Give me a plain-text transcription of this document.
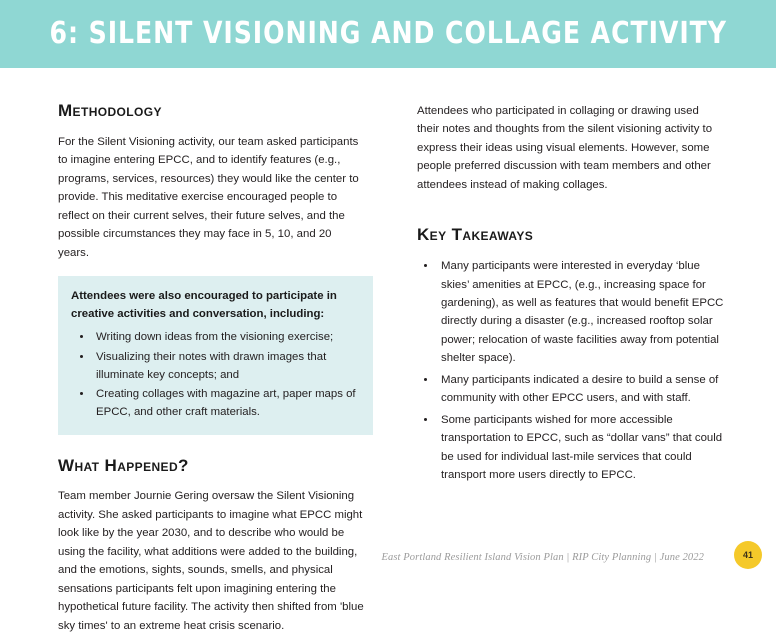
6: SILENT VISIONING AND COLLAGE ACTIVITY
Methodology

For the Silent Visioning activity, our team asked participants to imagine entering EPCC, and to identify features (e.g., programs, services, resources) they would like the center to provide. This meditative exercise encouraged people to reflect on their current selves, their future selves, and the possible circumstances they may face in 5, 10, and 20 years.

Attendees were also encouraged to participate in creative activities and conversation, including:

• Writing down ideas from the visioning exercise;
• Visualizing their notes with drawn images that illuminate key concepts; and
• Creating collages with magazine art, paper maps of EPCC, and other craft materials.
What Happened?

Team member Journie Gering oversaw the Silent Visioning activity. She asked participants to imagine what EPCC might look like by the year 2030, and to describe who would be using the facility, what additions were added to the building, and the emotions, sights, sounds, smells, and physical sensations participants felt upon imagining entering the hypothetical future facility. The activity then shifted from 'blue sky times' to an extreme heat crisis scenario.

Attendees who participated in collaging or drawing used their notes and thoughts from the silent visioning activity to express their ideas using visual elements. However, some people preferred discussion with team members and other attendees instead of making collages.

Key Takeaways
• Many participants were interested in everyday ‘blue skies’ amenities at EPCC, (e.g., increasing space for gardening), as well as features that would benefit EPCC directly during a disaster (e.g., increased rooftop solar power; relocation of waste facilities away from potential shelter space).
• Many participants indicated a desire to build a sense of community with other EPCC users, and with staff.
• Some participants wished for more accessible transportation to EPCC, such as “dollar vans” that could be used for individual last-mile services that could transport more users directly to EPCC.
East Portland Resilient Island Vision Plan | RIP City Planning | June 2022	41
